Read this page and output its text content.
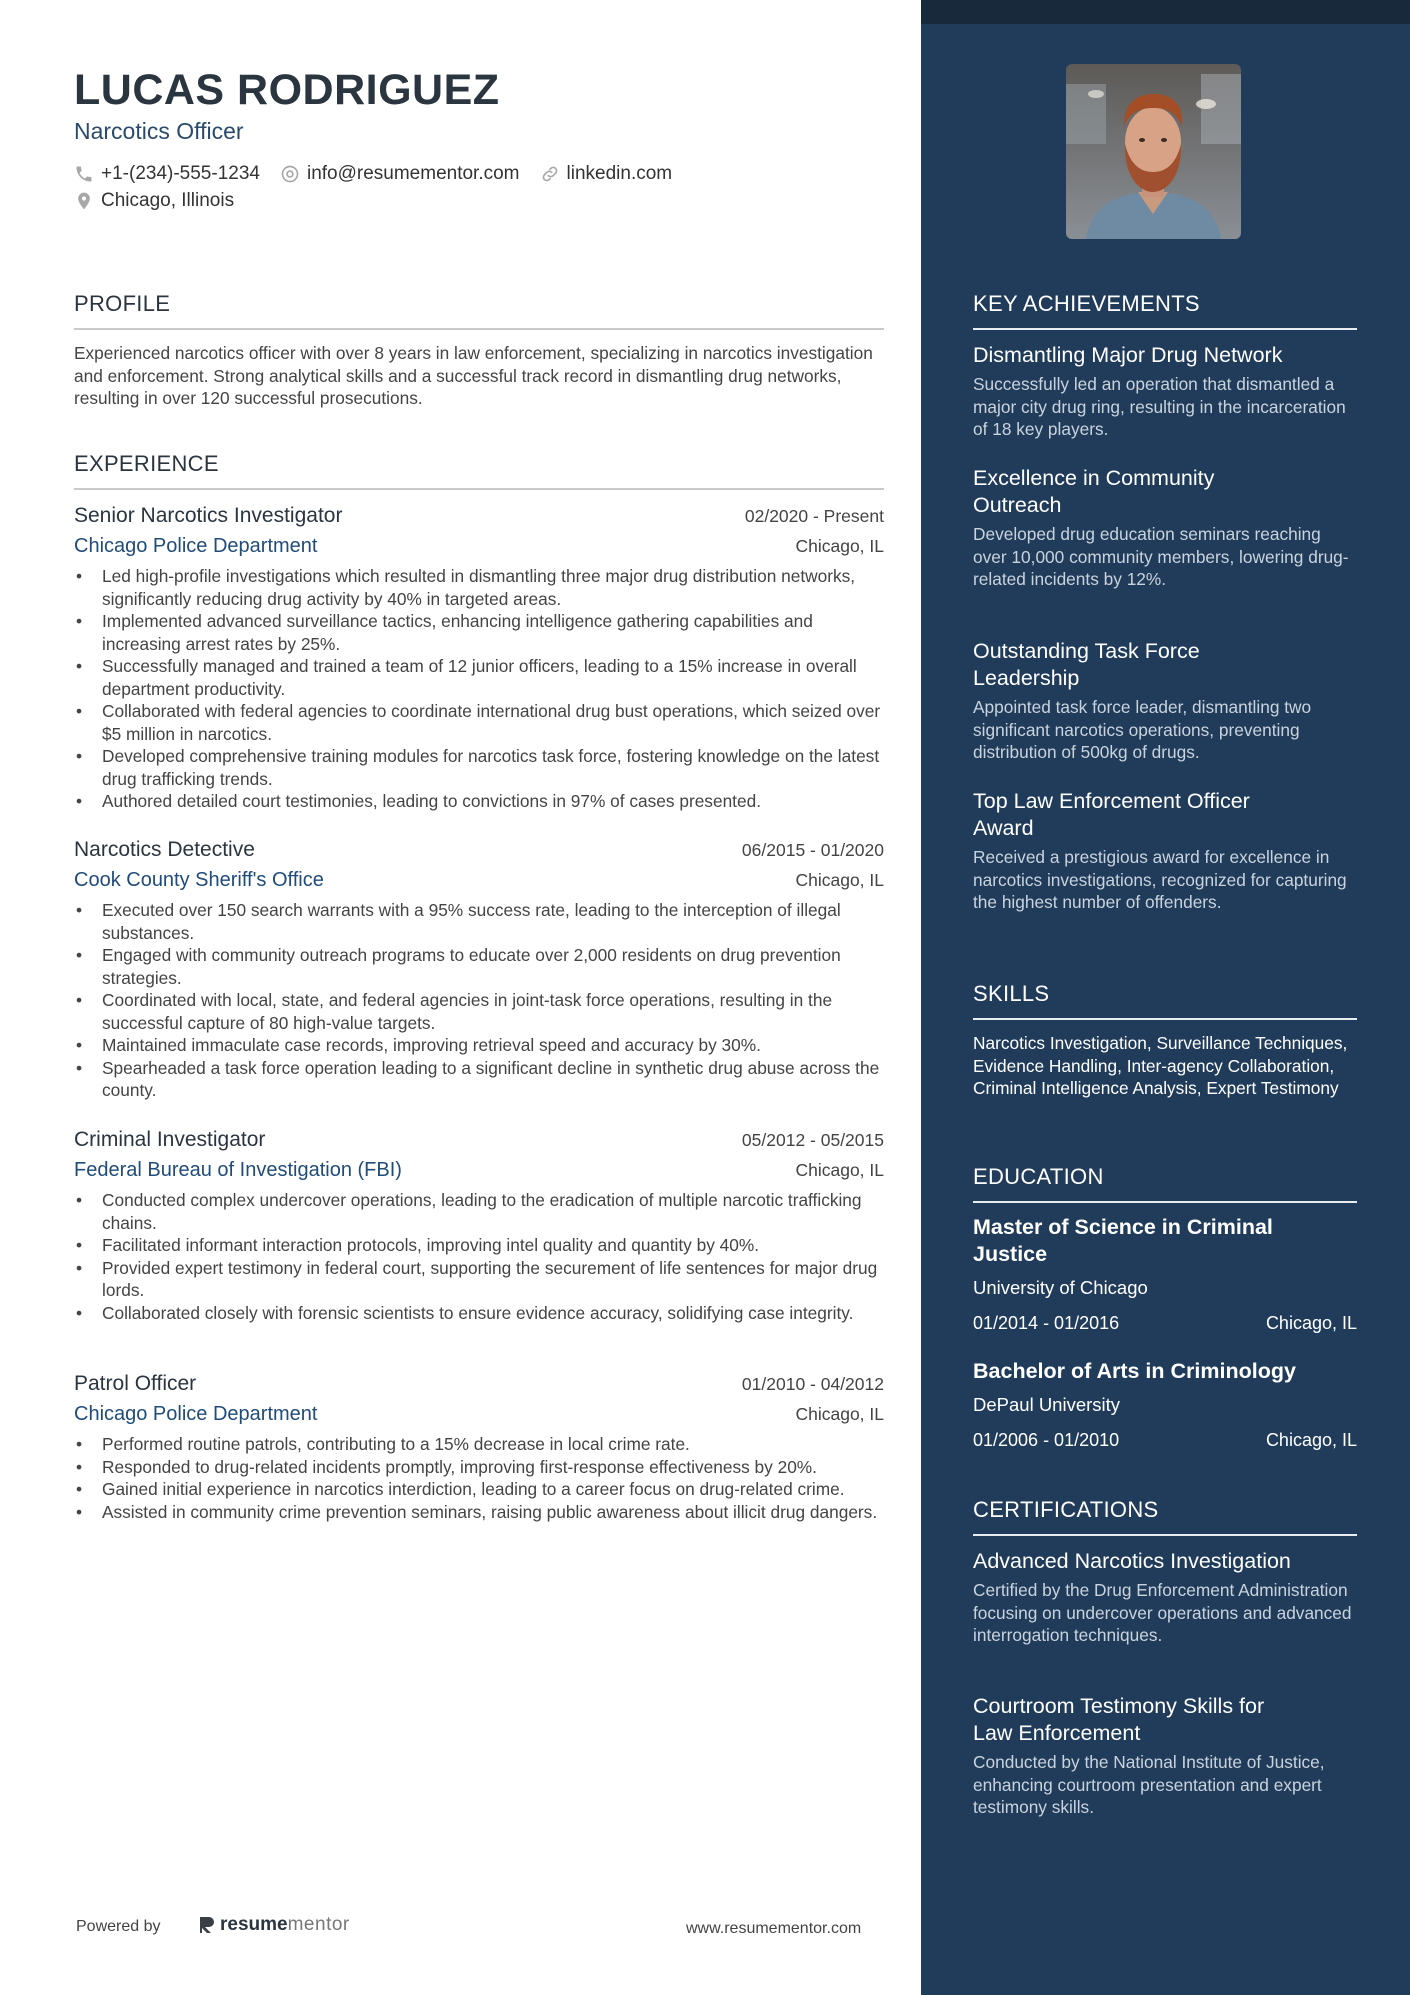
LUCAS RODRIGUEZ
Narcotics Officer
+1-(234)-555-1234 info@resumementor.com linkedin.com
Chicago, Illinois
PROFILE
Experienced narcotics officer with over 8 years in law enforcement, specializing in narcotics investigation and enforcement. Strong analytical skills and a successful track record in dismantling drug networks, resulting in over 120 successful prosecutions.
EXPERIENCE
Senior Narcotics Investigator	02/2020 - Present
Chicago Police Department	Chicago, IL
• Led high-profile investigations which resulted in dismantling three major drug distribution networks, significantly reducing drug activity by 40% in targeted areas.
• Implemented advanced surveillance tactics, enhancing intelligence gathering capabilities and increasing arrest rates by 25%.
• Successfully managed and trained a team of 12 junior officers, leading to a 15% increase in overall department productivity.
• Collaborated with federal agencies to coordinate international drug bust operations, which seized over $5 million in narcotics.
• Developed comprehensive training modules for narcotics task force, fostering knowledge on the latest drug trafficking trends.
• Authored detailed court testimonies, leading to convictions in 97% of cases presented.
Narcotics Detective	06/2015 - 01/2020
Cook County Sheriff's Office	Chicago, IL
• Executed over 150 search warrants with a 95% success rate, leading to the interception of illegal substances.
• Engaged with community outreach programs to educate over 2,000 residents on drug prevention strategies.
• Coordinated with local, state, and federal agencies in joint-task force operations, resulting in the successful capture of 80 high-value targets.
• Maintained immaculate case records, improving retrieval speed and accuracy by 30%.
• Spearheaded a task force operation leading to a significant decline in synthetic drug abuse across the county.
Criminal Investigator	05/2012 - 05/2015
Federal Bureau of Investigation (FBI)	Chicago, IL
• Conducted complex undercover operations, leading to the eradication of multiple narcotic trafficking chains.
• Facilitated informant interaction protocols, improving intel quality and quantity by 40%.
• Provided expert testimony in federal court, supporting the securement of life sentences for major drug lords.
• Collaborated closely with forensic scientists to ensure evidence accuracy, solidifying case integrity.
Patrol Officer	01/2010 - 04/2012
Chicago Police Department	Chicago, IL
• Performed routine patrols, contributing to a 15% decrease in local crime rate.
• Responded to drug-related incidents promptly, improving first-response effectiveness by 20%.
• Gained initial experience in narcotics interdiction, leading to a career focus on drug-related crime.
• Assisted in community crime prevention seminars, raising public awareness about illicit drug dangers.
Powered by	resume mentor	www.resumementor.com
KEY ACHIEVEMENTS
Dismantling Major Drug Network
Successfully led an operation that dismantled a major city drug ring, resulting in the incarceration of 18 key players.
Excellence in Community Outreach
Developed drug education seminars reaching over 10,000 community members, lowering drug-related incidents by 12%.
Outstanding Task Force Leadership
Appointed task force leader, dismantling two significant narcotics operations, preventing distribution of 500kg of drugs.
Top Law Enforcement Officer Award
Received a prestigious award for excellence in narcotics investigations, recognized for capturing the highest number of offenders.
SKILLS
Narcotics Investigation, Surveillance Techniques, Evidence Handling, Inter-agency Collaboration, Criminal Intelligence Analysis, Expert Testimony
EDUCATION
Master of Science in Criminal Justice
University of Chicago
01/2014 - 01/2016	Chicago, IL
Bachelor of Arts in Criminology
DePaul University
01/2006 - 01/2010	Chicago, IL
CERTIFICATIONS
Advanced Narcotics Investigation
Certified by the Drug Enforcement Administration focusing on undercover operations and advanced interrogation techniques.
Courtroom Testimony Skills for Law Enforcement
Conducted by the National Institute of Justice, enhancing courtroom presentation and expert testimony skills.
